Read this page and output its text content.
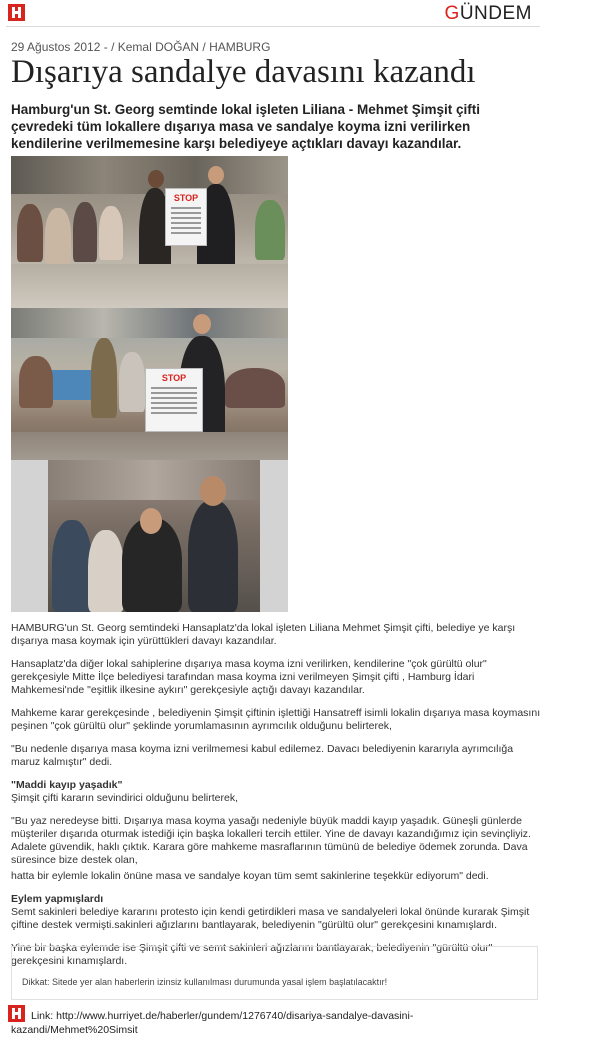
GÜNDEM
29 Ağustos 2012 - / Kemal DOĞAN / HAMBURG
Dışarıya sandalye davasını kazandı

Hamburg'un St. Georg semtinde lokal işleten Liliana - Mehmet Şimşit çifti çevredeki tüm lokallere dışarıya masa ve sandalye koyma izni verilirken kendilerine verilmemesine karşı belediyeye açtıkları davayı kazandılar.

STOP
STOP

HAMBURG'un St. Georg semtindeki Hansaplatz'da lokal işleten Liliana Mehmet Şimşit çifti, belediye ye karşı dışarıya masa koymak için yürüttükleri davayı kazandılar.

Hansaplatz'da diğer lokal sahiplerine dışarıya masa koyma izni verilirken, kendilerine "çok gürültü olur" gerekçesiyle Mitte İlçe belediyesi tarafından masa koyma izni verilmeyen Şimşit çifti , Hamburg İdari Mahkemesi'nde "eşitlik ilkesine aykırı" gerekçesiyle açtığı davayı kazandılar.

Mahkeme karar gerekçesinde , belediyenin Şimşit çiftinin işlettiği Hansatreff isimli lokalin dışarıya masa koymasını peşinen "çok gürültü olur" şeklinde yorumlamasının ayrımcılık olduğunu belirterek,

"Bu nedenle dışarıya masa koyma izni verilmemesi kabul edilemez. Davacı belediyenin kararıyla ayrımcılığa maruz kalmıştır" dedi.

"Maddi kayıp yaşadık"

Şimşit çifti kararın sevindirici olduğunu belirterek,

"Bu yaz neredeyse bitti. Dışarıya masa koyma yasağı nedeniyle büyük maddi kayıp yaşadık. Güneşli günlerde müşteriler dışarıda oturmak istediği için başka lokalleri tercih ettiler. Yine de davayı kazandığımız için sevinçliyiz. Adalete güvendik, haklı çıktık. Karara göre mahkeme masraflarının tümünü de belediye ödemek zorunda. Dava süresince bize destek olan,

hatta bir eylemle lokalin önüne masa ve sandalye koyan tüm semt sakinlerine teşekkür ediyorum" dedi.

Eylem yapmışlardı

Semt sakinleri belediye kararını protesto için kendi getirdikleri masa ve sandalyeleri lokal önünde kurarak Şimşit çiftine destek vermişti.sakinleri ağızlarını bantlayarak, belediyenin "gürültü olur" gerekçesini kınamışlardı.

Yine bir başka eylemde ise Şimşit çifti ve semt sakinleri ağızlarını bantlayarak, belediyenin "gürültü olur" gerekçesini kınamışlardı.

Dikkat: Sitede yer alan haberlerin izinsiz kullanılması durumunda yasal işlem başlatılacaktır!
Link: http://www.hurriyet.de/haberler/gundem/1276740/disariya-sandalye-davasini-kazandi/Mehmet%20Simsit
